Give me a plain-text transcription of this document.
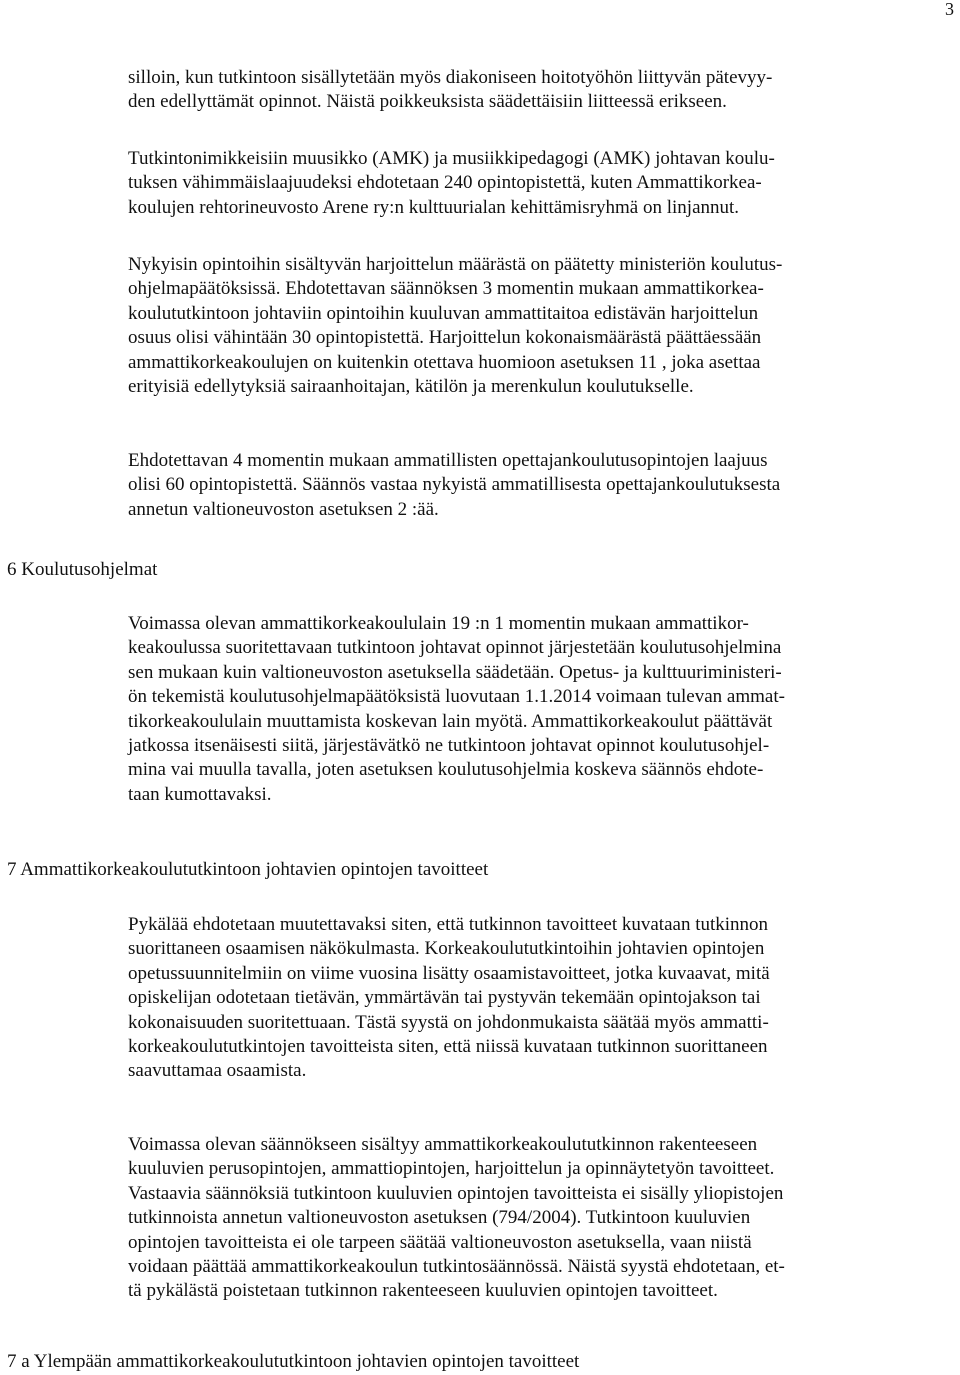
3

silloin, kun tutkintoon sisällytetään myös diakoniseen hoitotyöhön liittyvän pätevyy-
den edellyttämät opinnot. Näistä poikkeuksista säädettäisiin liitteessä erikseen.

Tutkintonimikkeisiin muusikko (AMK) ja musiikkipedagogi (AMK) johtavan koulu-
tuksen vähimmäislaajuudeksi ehdotetaan 240 opintopistettä, kuten Ammattikorkea-
koulujen rehtorineuvosto Arene ry:n kulttuurialan kehittämisryhmä on linjannut.

Nykyisin opintoihin sisältyvän harjoittelun määrästä on päätetty ministeriön koulutus-
ohjelmapäätöksissä. Ehdotettavan säännöksen 3 momentin mukaan ammattikorkea-
koulututkintoon johtaviin opintoihin kuuluvan ammattitaitoa edistävän harjoittelun
osuus olisi vähintään 30 opintopistettä. Harjoittelun kokonaismäärästä päättäessään
ammattikorkeakoulujen on kuitenkin otettava huomioon asetuksen 11 , joka asettaa
erityisiä edellytyksiä sairaanhoitajan, kätilön ja merenkulun koulutukselle.

Ehdotettavan 4 momentin mukaan ammatillisten opettajankoulutusopintojen laajuus
olisi 60 opintopistettä. Säännös vastaa nykyistä ammatillisesta opettajankoulutuksesta
annetun valtioneuvoston asetuksen 2 :ää.

6 Koulutusohjelmat

Voimassa olevan ammattikorkeakoululain 19 :n 1 momentin mukaan ammattikor-
keakoulussa suoritettavaan tutkintoon johtavat opinnot järjestetään koulutusohjelmina
sen mukaan kuin valtioneuvoston asetuksella säädetään. Opetus- ja kulttuuriministeri-
ön tekemistä koulutusohjelmapäätöksistä luovutaan 1.1.2014 voimaan tulevan ammat-
tikorkeakoululain muuttamista koskevan lain myötä. Ammattikorkeakoulut päättävät
jatkossa itsenäisesti siitä, järjestävätkö ne tutkintoon johtavat opinnot koulutusohjel-
mina vai muulla tavalla, joten asetuksen koulutusohjelmia koskeva säännös ehdote-
taan kumottavaksi.

7 Ammattikorkeakoulututkintoon johtavien opintojen tavoitteet

Pykälää ehdotetaan muutettavaksi siten, että tutkinnon tavoitteet kuvataan tutkinnon
suorittaneen osaamisen näkökulmasta. Korkeakoulututkintoihin johtavien opintojen
opetussuunnitelmiin on viime vuosina lisätty osaamistavoitteet, jotka kuvaavat, mitä
opiskelijan odotetaan tietävän, ymmärtävän tai pystyvän tekemään opintojakson tai
kokonaisuuden suoritettuaan. Tästä syystä on johdonmukaista säätää myös ammatti-
korkeakoulututkintojen tavoitteista siten, että niissä kuvataan tutkinnon suorittaneen
saavuttamaa osaamista.

Voimassa olevan säännökseen sisältyy ammattikorkeakoulututkinnon rakenteeseen
kuuluvien perusopintojen, ammattiopintojen, harjoittelun ja opinnäytetyön tavoitteet.
Vastaavia säännöksiä tutkintoon kuuluvien opintojen tavoitteista ei sisälly yliopistojen
tutkinnoista annetun valtioneuvoston asetuksen (794/2004). Tutkintoon kuuluvien
opintojen tavoitteista ei ole tarpeen säätää valtioneuvoston asetuksella, vaan niistä
voidaan päättää ammattikorkeakoulun tutkintosäännössä. Näistä syystä ehdotetaan, et-
tä pykälästä poistetaan tutkinnon rakenteeseen kuuluvien opintojen tavoitteet.

7 a Ylempään ammattikorkeakoulututkintoon johtavien opintojen tavoitteet
